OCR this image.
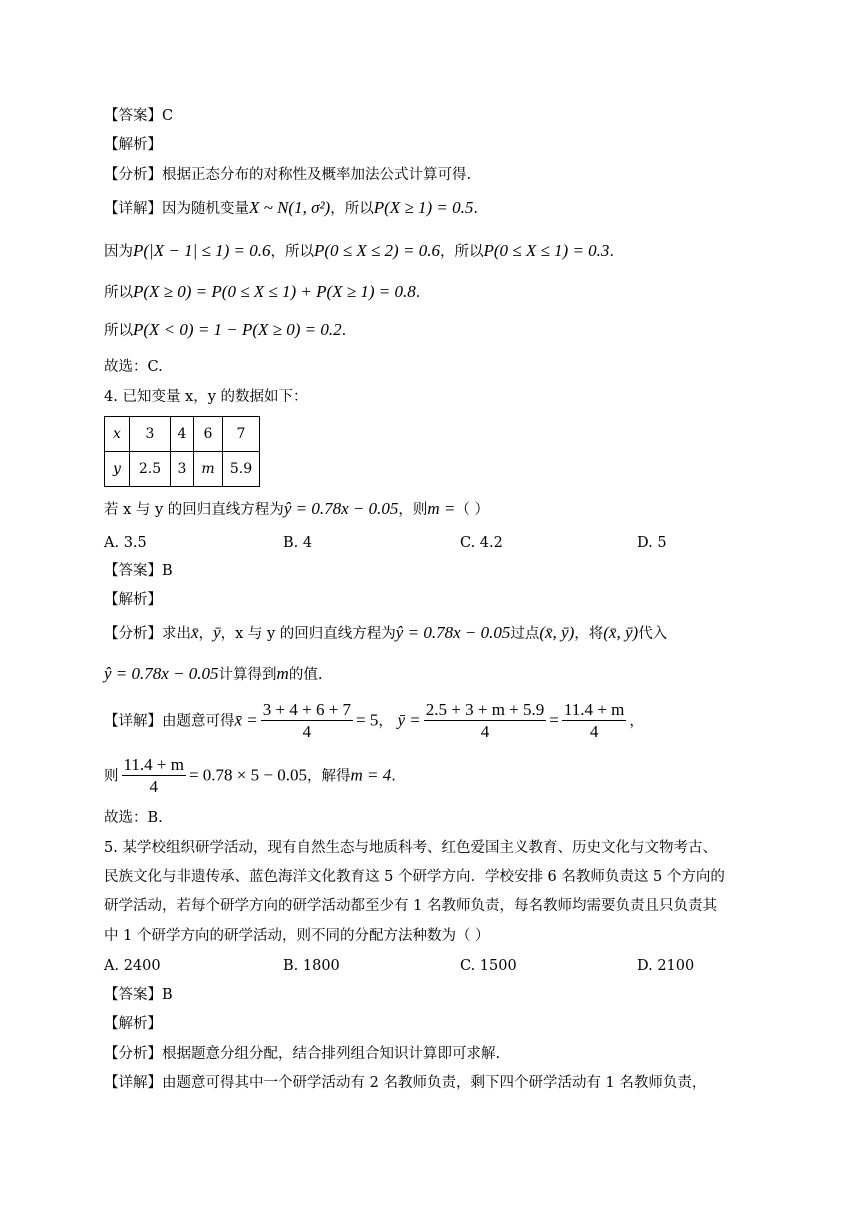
【答案】C
【解析】
【分析】根据正态分布的对称性及概率加法公式计算可得.
【详解】因为随机变量X ~ N(1, σ²)，所以P(X ≥ 1) = 0.5.
因为P(|X − 1| ≤ 1) = 0.6，所以P(0 ≤ X ≤ 2) = 0.6，所以P(0 ≤ X ≤ 1) = 0.3.
所以P(X ≥ 0) = P(0 ≤ X ≤ 1) + P(X ≥ 1) = 0.8.
所以P(X < 0) = 1 − P(X ≥ 0) = 0.2.
故选：C.
4. 已知变量 x，y 的数据如下：
x	3	4	6	7
y	2.5	3	m	5.9
若 x 与 y 的回归直线方程为ŷ = 0.78x − 0.05，则m =（ ）
A. 3.5	B. 4	C. 4.2	D. 5
【答案】B
【解析】
【分析】求出x̄，ȳ，x 与 y 的回归直线方程为ŷ = 0.78x − 0.05过点(x̄, ȳ)，将(x̄, ȳ)代入
ŷ = 0.78x − 0.05计算得到m的值.
【详解】由题意可得x̄ = $\frac{3 + 4 + 6 + 7}{4} = 5$， ȳ = $\frac{2.5 + 3 + m + 5.9}{4} = \frac{11.4 + m}{4}$ ，
则 $\frac{11.4 + m}{4} = 0.78 \times 5 - 0.05$，解得m = 4.
故选：B.
5. 某学校组织研学活动，现有自然生态与地质科考、红色爱国主义教育、历史文化与文物考古、
民族文化与非遗传承、蓝色海洋文化教育这 5 个研学方向．学校安排 6 名教师负责这 5 个方向的
研学活动，若每个研学方向的研学活动都至少有 1 名教师负责，每名教师均需要负责且只负责其
中 1 个研学方向的研学活动，则不同的分配方法种数为（ ）
A. 2400	B. 1800	C. 1500	D. 2100
【答案】B
【解析】
【分析】根据题意分组分配，结合排列组合知识计算即可求解.
【详解】由题意可得其中一个研学活动有 2 名教师负责，剩下四个研学活动有 1 名教师负责，
